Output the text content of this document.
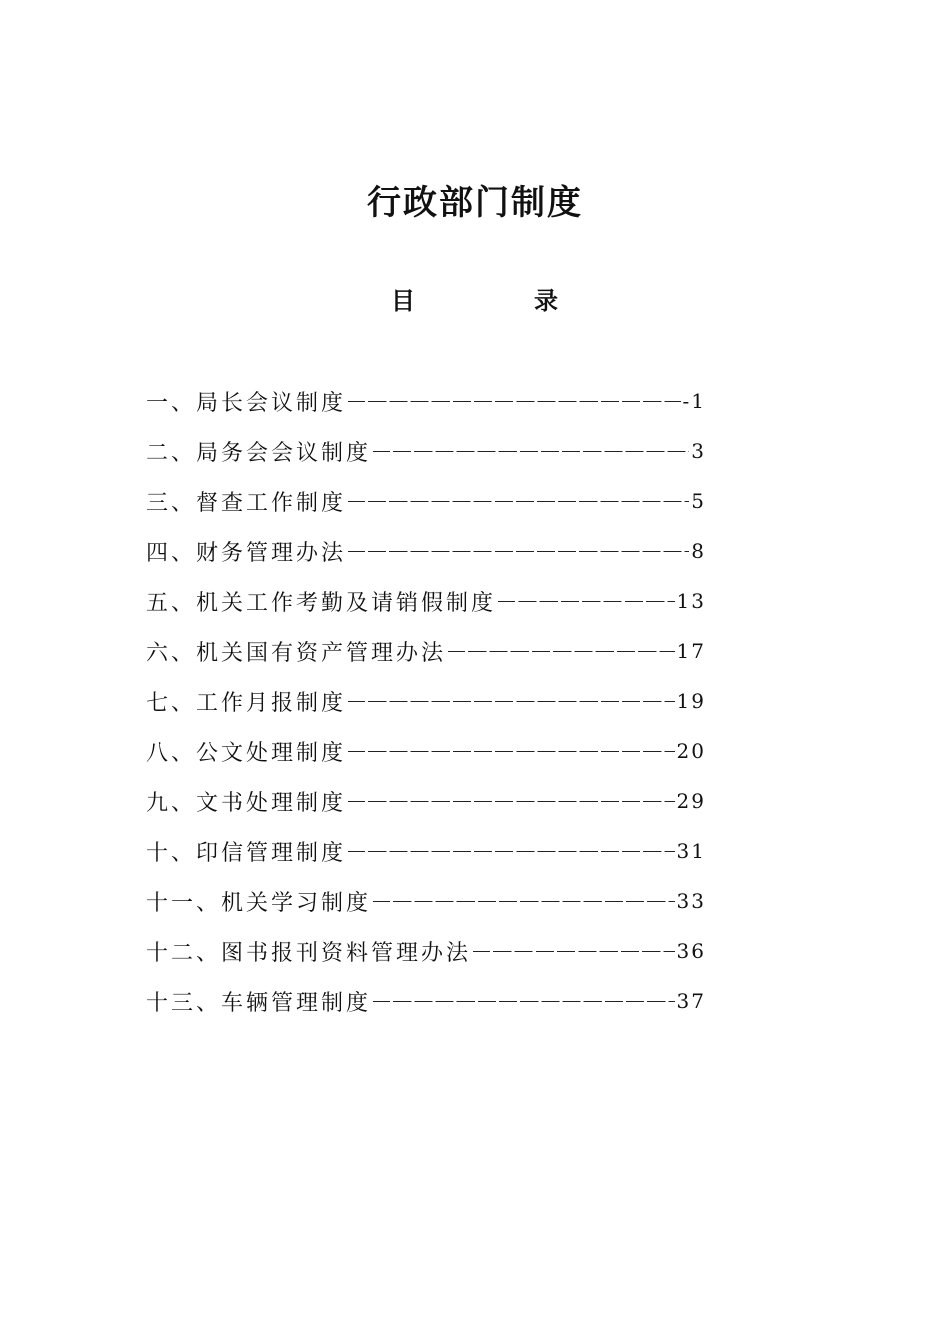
行政部门制度
目	录
一、局长会议制度	-1
二、局务会会议制度	3
三、督查工作制度	5
四、财务管理办法	8
五、机关工作考勤及请销假制度	13
六、机关国有资产管理办法	17
七、工作月报制度	19
八、公文处理制度	20
九、文书处理制度	29
十、印信管理制度	31
十一、机关学习制度	33
十二、图书报刊资料管理办法	36
十三、车辆管理制度	37
